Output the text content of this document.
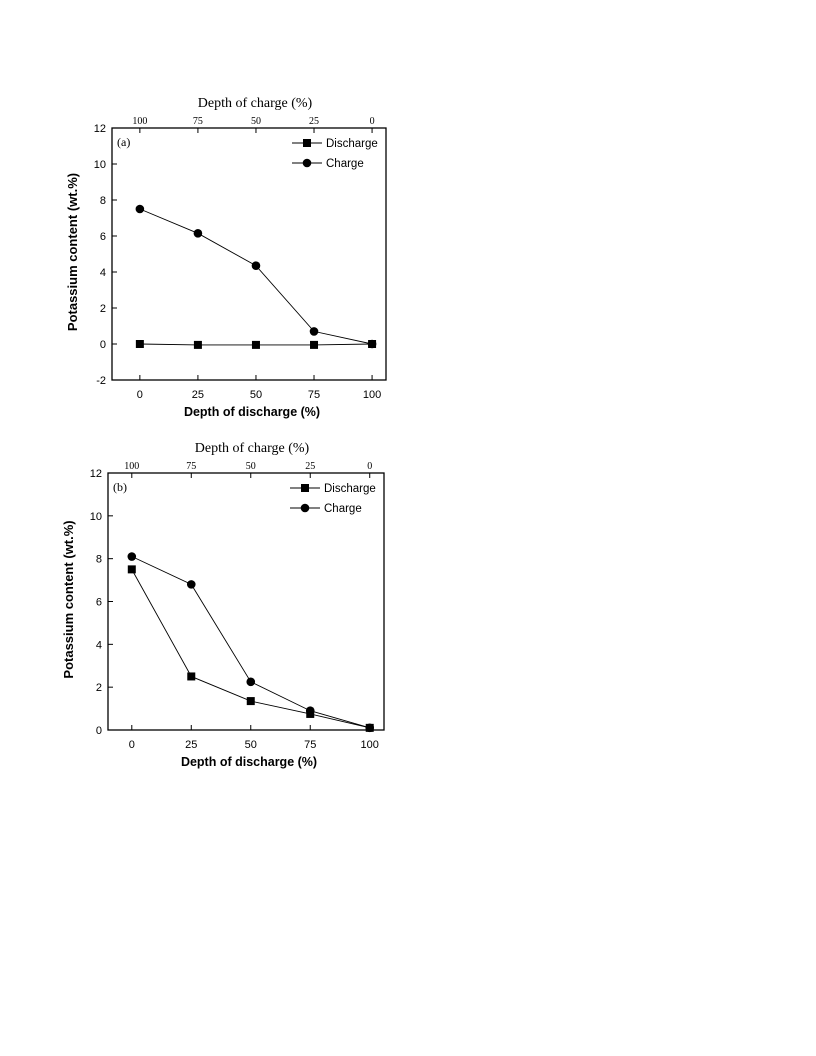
-2
0
2
4
6
8
10
12
0
100
25
75
50
50
75
25
100
0
Depth of discharge (%)
Depth of charge (%)
Potassium content (wt.%)
(a)	Discharge
Charge
0
2
4
6
8
10
12
0
100
25
75
50
50
75
25
100
0
Depth of discharge (%)
Depth of charge (%)
Potassium content (wt.%)
(b)	Discharge
Charge
